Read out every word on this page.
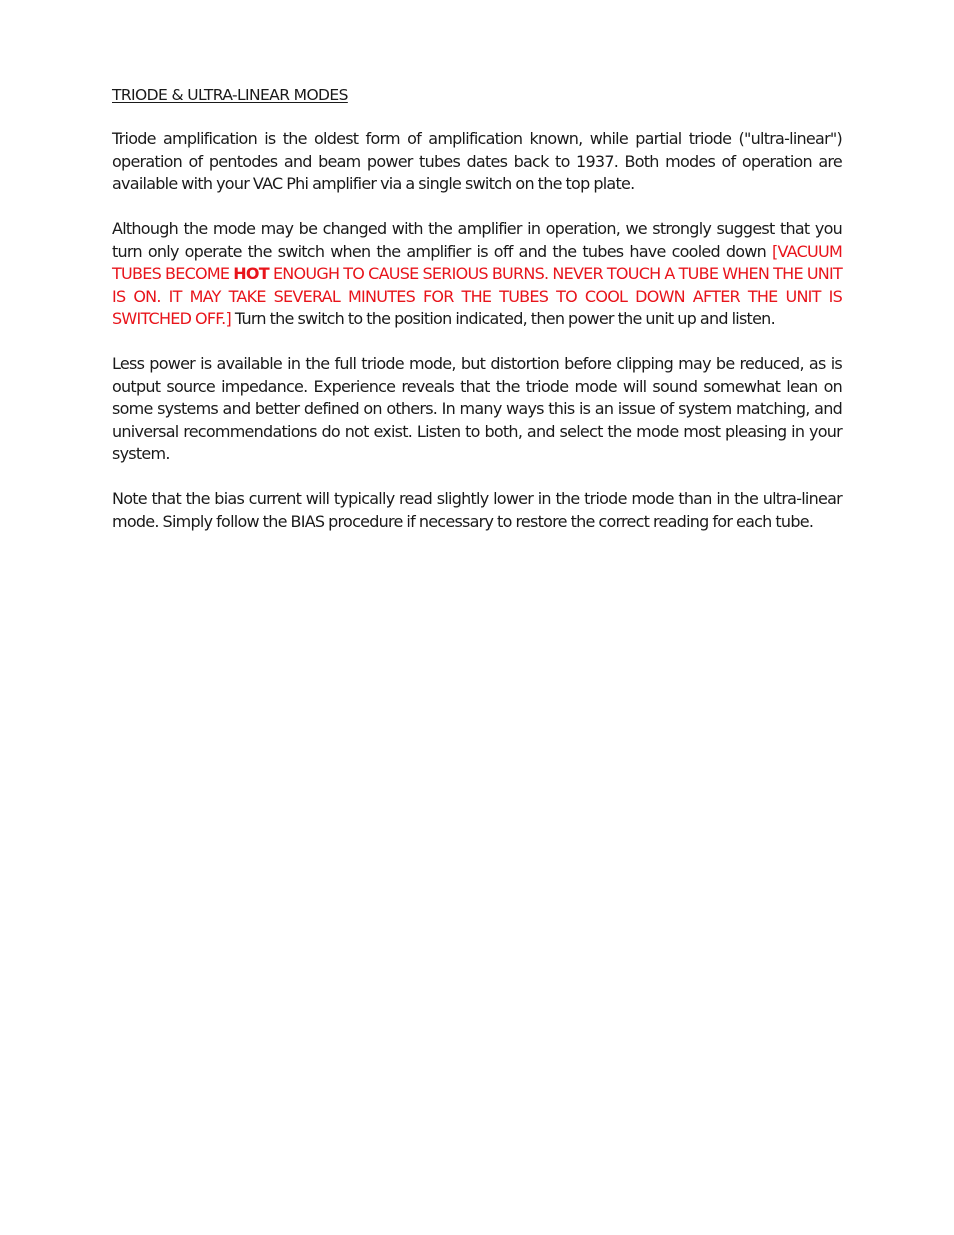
TRIODE & ULTRA-LINEAR MODES

Triode amplification is the oldest form of amplification known, while partial triode ("ultra-linear") operation of pentodes and beam power tubes dates back to 1937. Both modes of operation are available with your VAC Phi amplifier via a single switch on the top plate.

Although the mode may be changed with the amplifier in operation, we strongly suggest that you turn only operate the switch when the amplifier is off and the tubes have cooled down [VACUUM TUBES BECOME HOT ENOUGH TO CAUSE SERIOUS BURNS. NEVER TOUCH A TUBE WHEN THE UNIT IS ON. IT MAY TAKE SEVERAL MINUTES FOR THE TUBES TO COOL DOWN AFTER THE UNIT IS SWITCHED OFF.] Turn the switch to the position indicated, then power the unit up and listen.

Less power is available in the full triode mode, but distortion before clipping may be reduced, as is output source impedance. Experience reveals that the triode mode will sound somewhat lean on some systems and better defined on others. In many ways this is an issue of system matching, and universal recommendations do not exist. Listen to both, and select the mode most pleasing in your system.

Note that the bias current will typically read slightly lower in the triode mode than in the ultra-linear mode. Simply follow the BIAS procedure if necessary to restore the correct reading for each tube.
